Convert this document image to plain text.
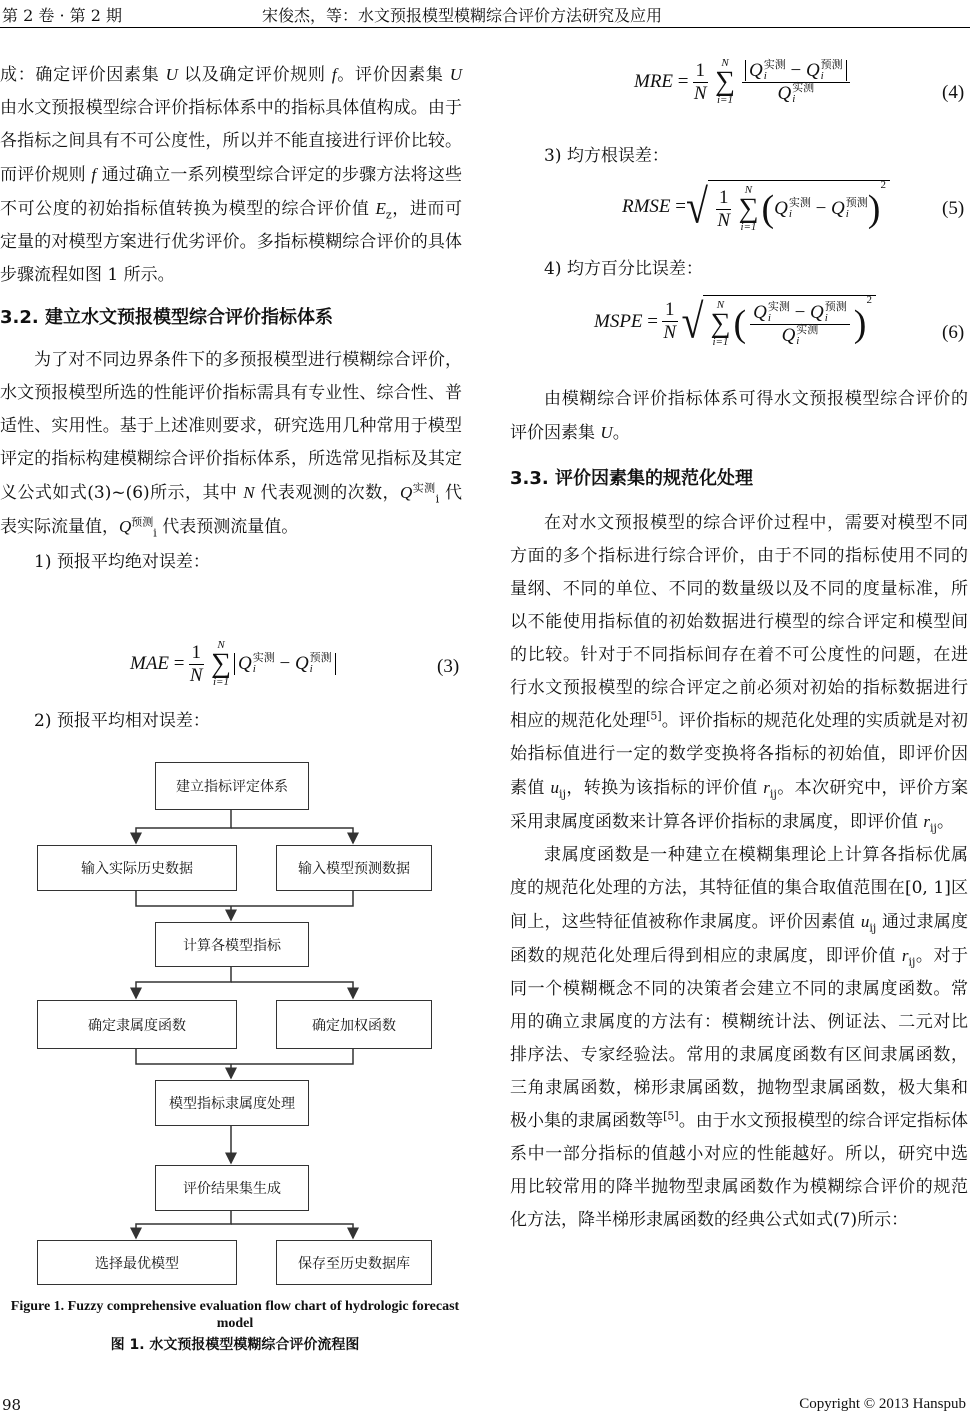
第 2 卷 · 第 2 期	宋俊杰，等：水文预报模型模糊综合评价方法研究及应用

成：确定评价因素集 U 以及确定评价规则 f。评价因素集 U 由水文预报模型综合评价指标体系中的指标具体值构成。由于各指标之间具有不可公度性，所以并不能直接进行评价比较。而评价规则 f 通过确立一系列模型综合评定的步骤方法将这些不可公度的初始指标值转换为模型的综合评价值 $E_z$，进而可定量的对模型方案进行优劣评价。多指标模糊综合评价的具体步骤流程如图 1 所示。

3.2. 建立水文预报模型综合评价指标体系

为了对不同边界条件下的多预报模型进行模糊综合评价，水文预报模型所选的性能评价指标需具有专业性、综合性、普适性、实用性。基于上述准则要求，研究选用几种常用于模型评定的指标构建模糊综合评价指标体系，所选常见指标及其定义公式如式(3)~(6)所示，其中 N 代表观测的次数，$Q^{实测}_i$ 代表实际流量值，$Q^{预测}_i$ 代表预测流量值。

1) 预报平均绝对误差：

MAE
= $\frac{1}{N}$ N
∑
i=1
Q 实测
i	− Q 预测
i	(3)

2) 预报平均相对误差：

建立指标评定体系
输入实际历史数据	输入模型预测数据
计算各模型指标
确定隶属度函数	确定加权函数
模型指标隶属度处理
评价结果集生成
选择最优模型	保存至历史数据库
Figure 1. Fuzzy comprehensive evaluation flow chart of hydrologic forecast model
图 1. 水文预报模型模糊综合评价流程图
MRE
= $\frac{1}{N}$ N
∑
i=1 Q 实测
i	− Q 预测
i
Q 实测
i	(4)

3) 均方根误差：

RMSE
= √ $\frac{1}{N}$ N
∑
i=1 ( Q 实测
i
	−
Q 预测
i )
2
(5)

4) 均方百分比误差：

MSPE
= $\frac{1}{N}$ √ N
∑
i=1 ( Q 实测
i	− Q 预测
i
Q 实测
i )
2
(6)

由模糊综合评价指标体系可得水文预报模型综合评价的评价因素集 U。

3.3. 评价因素集的规范化处理

在对水文预报模型的综合评价过程中，需要对模型不同方面的多个指标进行综合评价，由于不同的指标使用不同的量纲、不同的单位、不同的数量级以及不同的度量标准，所以不能使用指标值的初始数据进行模型的综合评定和模型间的比较。针对于不同指标间存在着不可公度性的问题，在进行水文预报模型的综合评定之前必须对初始的指标数据进行相应的规范化处理[5]。评价指标的规范化处理的实质就是对初始指标值进行一定的数学变换将各指标的初始值，即评价因素值 $u_{ij}$，转换为该指标的评价值 $r_{ij}$。本次研究中，评价方案采用隶属度函数来计算各评价指标的隶属度，即评价值 $r_{ij}$。

隶属度函数是一种建立在模糊集理论上计算各指标优属度的规范化处理的方法，其特征值的集合取值范围在[0, 1]区间上，这些特征值被称作隶属度。评价因素值 $u_{ij}$ 通过隶属度函数的规范化处理后得到相应的隶属度，即评价值 $r_{ij}$。对于同一个模糊概念不同的决策者会建立不同的隶属度函数。常用的确立隶属度的方法有：模糊统计法、例证法、二元对比排序法、专家经验法。常用的隶属度函数有区间隶属函数，三角隶属函数，梯形隶属函数，抛物型隶属函数，极大集和极小集的隶属函数等[5]。由于水文预报模型的综合评定指标体系中一部分指标的值越小对应的性能越好。所以，研究中选用比较常用的降半抛物型隶属函数作为模糊综合评价的规范化方法，降半梯形隶属函数的经典公式如式(7)所示：

98	Copyright © 2013 Hanspub
